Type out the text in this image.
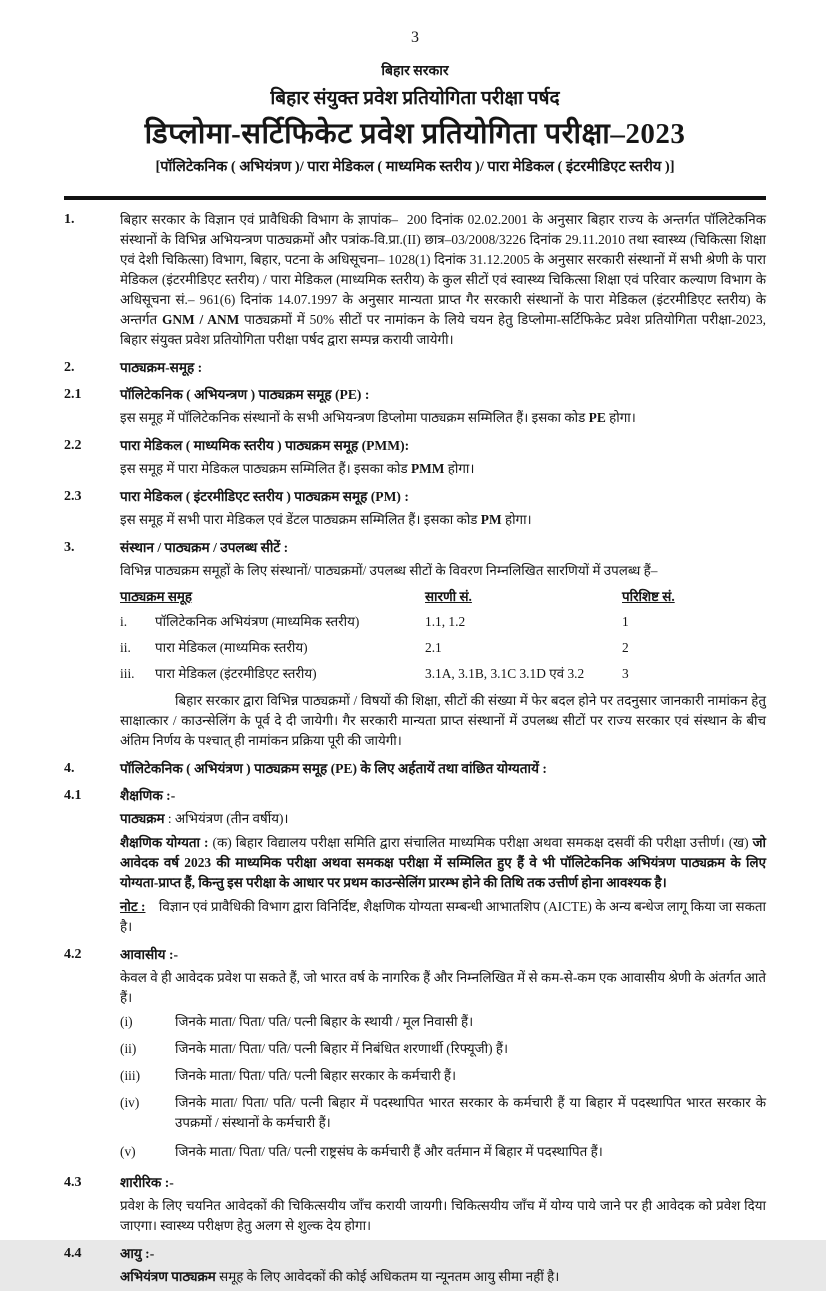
3
बिहार सरकार
बिहार संयुक्त प्रवेश प्रतियोगिता परीक्षा पर्षद
डिप्लोमा-सर्टिफिकेट प्रवेश प्रतियोगिता परीक्षा–2023
[पॉलिटेकनिक ( अभियंत्रण )/ पारा मेडिकल ( माध्यमिक स्तरीय )/ पारा मेडिकल ( इंटरमीडिएट स्तरीय )]
1.	बिहार सरकार के विज्ञान एवं प्रावैधिकी विभाग के ज्ञापांक–  200 दिनांक 02.02.2001 के अनुसार बिहार राज्य के अन्तर्गत पॉलिटेकनिक संस्थानों के विभिन्न अभियन्त्रण पाठ्यक्रमों और पत्रांक-वि.प्रा.(II) छात्र–03/2008/3226 दिनांक 29.11.2010 तथा स्वास्थ्य (चिकित्सा शिक्षा एवं देशी चिकित्सा) विभाग, बिहार, पटना के अधिसूचना– 1028(1) दिनांक 31.12.2005 के अनुसार सरकारी संस्थानों में सभी श्रेणी के पारा मेडिकल (इंटरमीडिएट स्तरीय) / पारा मेडिकल (माध्यमिक स्तरीय) के कुल सीटों एवं स्वास्थ्य चिकित्सा शिक्षा एवं परिवार कल्याण विभाग के अधिसूचना सं.– 961(6) दिनांक 14.07.1997 के अनुसार मान्यता प्राप्त गैर सरकारी संस्थानों के पारा मेडिकल (इंटरमीडिएट स्तरीय) के अन्तर्गत GNM / ANM पाठ्यक्रमों में 50% सीटों पर नामांकन के लिये चयन हेतु डिप्लोमा-सर्टिफिकेट प्रवेश प्रतियोगिता परीक्षा-2023, बिहार संयुक्त प्रवेश प्रतियोगिता परीक्षा पर्षद द्वारा सम्पन्न करायी जायेगी।

2.	पाठ्यक्रम-समूह :
2.1	पॉलिटेकनिक ( अभियन्त्रण ) पाठ्यक्रम समूह (PE) :

इस समूह में पॉलिटेकनिक संस्थानों के सभी अभियन्त्रण डिप्लोमा पाठ्यक्रम सम्मिलित हैं। इसका कोड PE होगा।

2.2	पारा मेडिकल ( माध्यमिक स्तरीय ) पाठ्यक्रम समूह (PMM):

इस समूह में पारा मेडिकल पाठ्यक्रम सम्मिलित हैं। इसका कोड PMM होगा।

2.3	पारा मेडिकल ( इंटरमीडिएट स्तरीय ) पाठ्यक्रम समूह (PM) :

इस समूह में सभी पारा मेडिकल एवं डेंटल पाठ्यक्रम सम्मिलित हैं। इसका कोड PM होगा।

3.	संस्थान / पाठ्यक्रम / उपलब्ध सीटें :

विभिन्न पाठ्यक्रम समूहों के लिए संस्थानों/ पाठ्यक्रमों/ उपलब्ध सीटों के विवरण निम्नलिखित सारणियों में उपलब्ध हैं–

पाठ्यक्रम समूह	सारणी सं.	परिशिष्ट सं.
i. पॉलिटेकनिक अभियंत्रण (माध्यमिक स्तरीय)	1.1, 1.2	1
ii. पारा मेडिकल (माध्यमिक स्तरीय)	2.1	2
iii. पारा मेडिकल (इंटरमीडिएट स्तरीय)	3.1A, 3.1B, 3.1C 3.1D एवं 3.2	3

बिहार सरकार द्वारा विभिन्न पाठ्यक्रमों / विषयों की शिक्षा, सीटों की संख्या में फेर बदल होने पर तदनुसार जानकारी नामांकन हेतु साक्षात्कार / काउन्सेलिंग के पूर्व दे दी जायेगी। गैर सरकारी मान्यता प्राप्त संस्थानों में उपलब्ध सीटों पर राज्य सरकार एवं संस्थान के बीच अंतिम निर्णय के पश्चात् ही नामांकन प्रक्रिया पूरी की जायेगी।

4.	पॉलिटेकनिक ( अभियंत्रण ) पाठ्यक्रम समूह (PE) के लिए अर्हतायें तथा वांछित योग्यतायें :
4.1	शैक्षणिक :-

पाठ्यक्रम : अभियंत्रण (तीन वर्षीय)।

शैक्षणिक योग्यता : (क) बिहार विद्यालय परीक्षा समिति द्वारा संचालित माध्यमिक परीक्षा अथवा समकक्ष दसवीं की परीक्षा उत्तीर्ण। (ख) जो आवेदक वर्ष 2023 की माध्यमिक परीक्षा अथवा समकक्ष परीक्षा में सम्मिलित हुए हैं वे भी पॉलिटेकनिक अभियंत्रण पाठ्यक्रम के लिए योग्यता-प्राप्त हैं, किन्तु इस परीक्षा के आधार पर प्रथम काउन्सेलिंग प्रारम्भ होने की तिथि तक उत्तीर्ण होना आवश्यक है।

नोट :    विज्ञान एवं प्रावैधिकी विभाग द्वारा विनिर्दिष्ट, शैक्षणिक योग्यता सम्बन्धी आभातशिप (AICTE) के अन्य बन्धेज लागू किया जा सकता है।

4.2	आवासीय :-

केवल वे ही आवेदक प्रवेश पा सकते हैं, जो भारत वर्ष के नागरिक हैं और निम्नलिखित में से कम-से-कम एक आवासीय श्रेणी के अंतर्गत आते हैं।

(i)	जिनके माता/ पिता/ पति/ पत्नी बिहार के स्थायी / मूल निवासी हैं।

(ii)	जिनके माता/ पिता/ पति/ पत्नी बिहार में निबंधित शरणार्थी (रिफ्यूजी) हैं।

(iii)	जिनके माता/ पिता/ पति/ पत्नी बिहार सरकार के कर्मचारी हैं।

(iv)	जिनके माता/ पिता/ पति/ पत्नी बिहार में पदस्थापित भारत सरकार के कर्मचारी हैं या बिहार में पदस्थापित भारत सरकार के उपक्रमों / संस्थानों के कर्मचारी हैं।

(v)	जिनके माता/ पिता/ पति/ पत्नी राष्ट्रसंघ के कर्मचारी हैं और वर्तमान में बिहार में पदस्थापित हैं।

4.3	शारीरिक :-

प्रवेश के लिए चयनित आवेदकों की चिकित्सयीय जाँच करायी जायगी। चिकित्सयीय जाँच में योग्य पाये जाने पर ही आवेदक को प्रवेश दिया जाएगा। स्वास्थ्य परीक्षण हेतु अलग से शुल्क देय होगा।

4.4	आयु :-

अभियंत्रण पाठ्यक्रम समूह के लिए आवेदकों की कोई अधिकतम या न्यूनतम आयु सीमा नहीं है।
